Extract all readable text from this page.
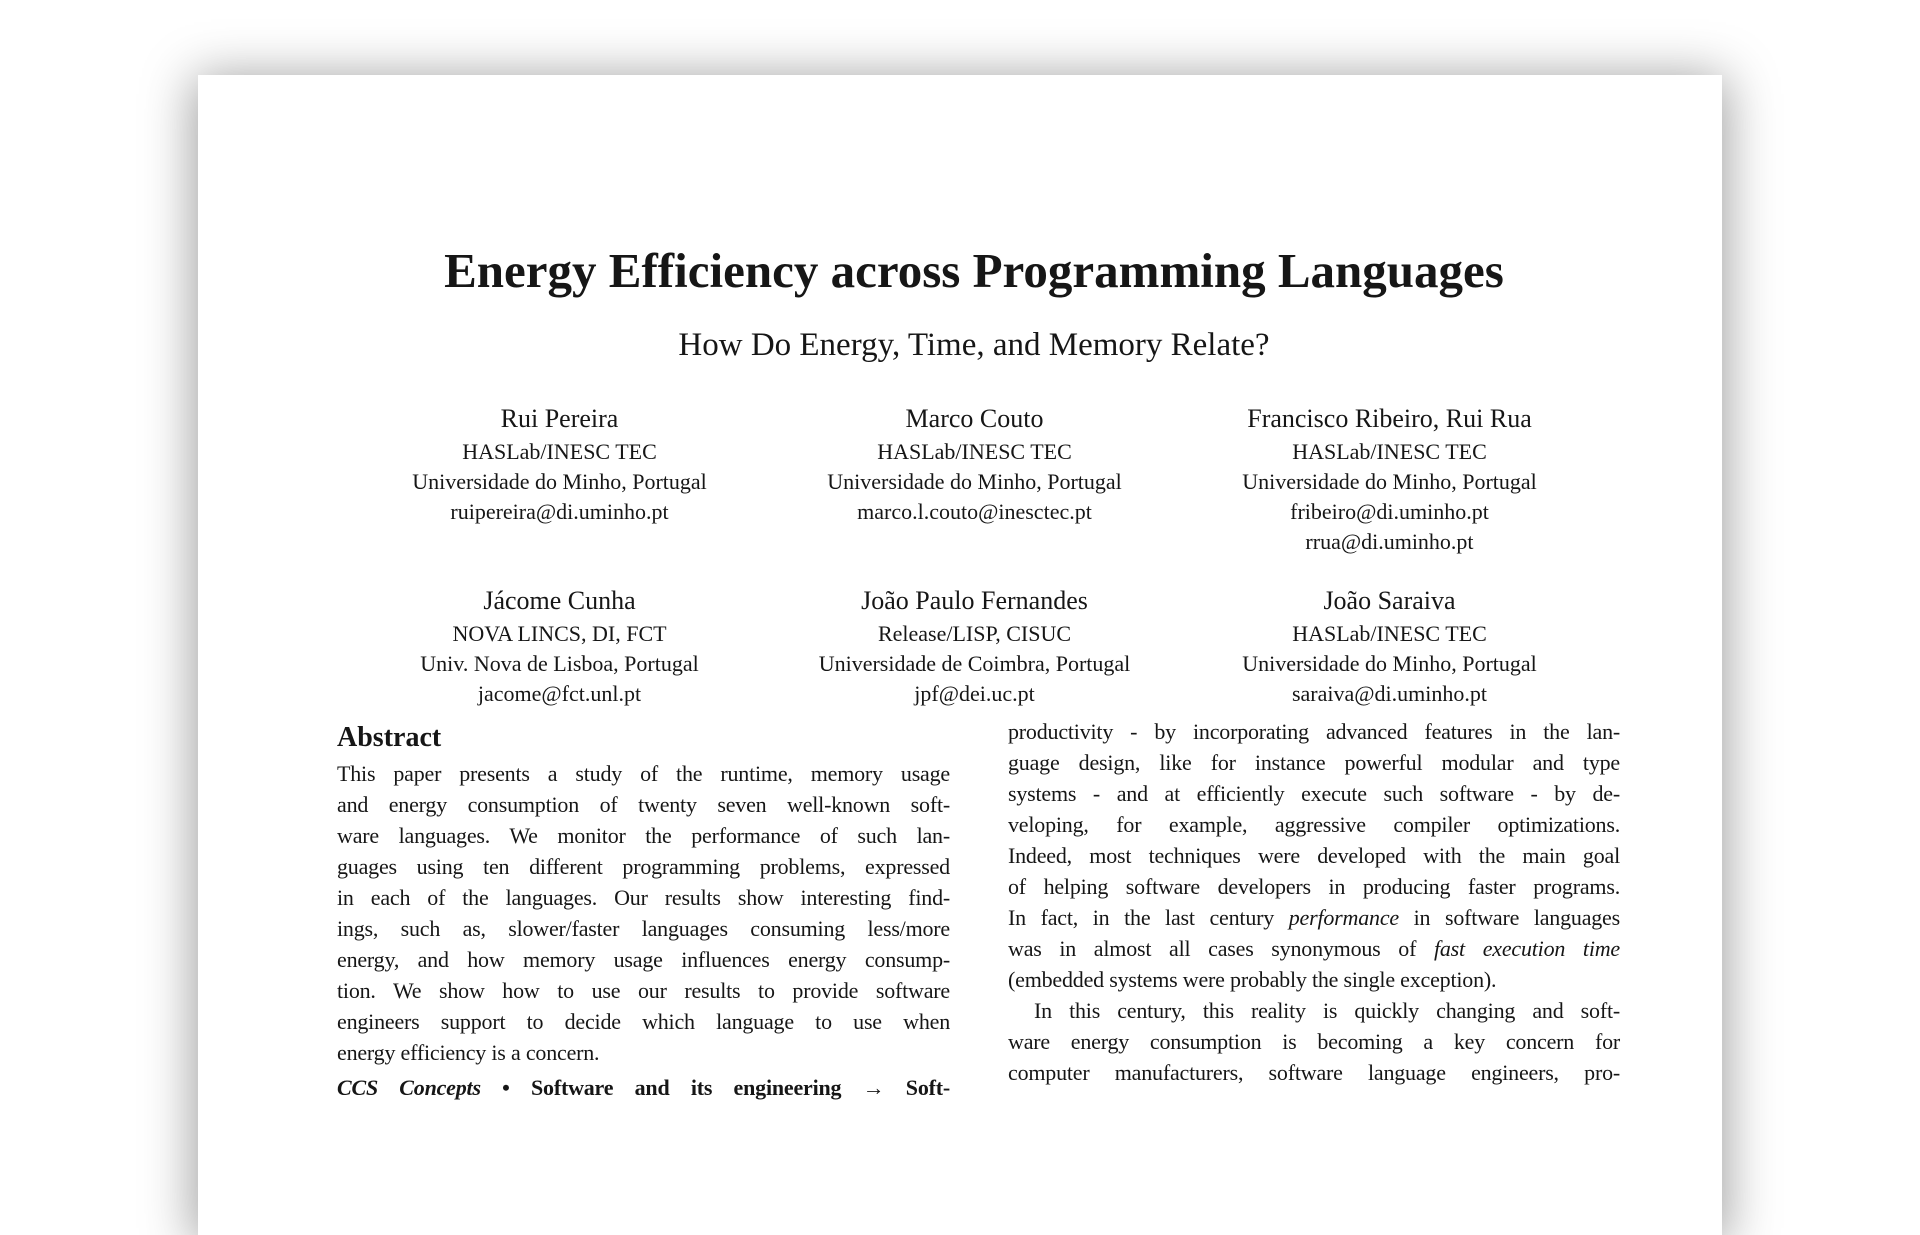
Energy Efficiency across Programming Languages
How Do Energy, Time, and Memory Relate?
Rui Pereira
HASLab/INESC TEC
Universidade do Minho, Portugal
ruipereira@di.uminho.pt
Marco Couto
HASLab/INESC TEC
Universidade do Minho, Portugal
marco.l.couto@inesctec.pt
Francisco Ribeiro, Rui Rua
HASLab/INESC TEC
Universidade do Minho, Portugal
fribeiro@di.uminho.pt
rrua@di.uminho.pt
Jácome Cunha
NOVA LINCS, DI, FCT
Univ. Nova de Lisboa, Portugal
jacome@fct.unl.pt
João Paulo Fernandes
Release/LISP, CISUC
Universidade de Coimbra, Portugal
jpf@dei.uc.pt
João Saraiva
HASLab/INESC TEC
Universidade do Minho, Portugal
saraiva@di.uminho.pt
Abstract
This paper presents a study of the runtime, memory usage
and energy consumption of twenty seven well-known soft-
ware languages. We monitor the performance of such lan-
guages using ten different programming problems, expressed
in each of the languages. Our results show interesting find-
ings, such as, slower/faster languages consuming less/more
energy, and how memory usage influences energy consump-
tion. We show how to use our results to provide software
engineers support to decide which language to use when
energy efficiency is a concern.
CCS Concepts • Software and its engineering → Soft-
productivity - by incorporating advanced features in the lan-
guage design, like for instance powerful modular and type
systems - and at efficiently execute such software - by de-
veloping, for example, aggressive compiler optimizations.
Indeed, most techniques were developed with the main goal
of helping software developers in producing faster programs.
In fact, in the last century performance in software languages
was in almost all cases synonymous of fast execution time
(embedded systems were probably the single exception).
In this century, this reality is quickly changing and soft-
ware energy consumption is becoming a key concern for
computer manufacturers, software language engineers, pro-
